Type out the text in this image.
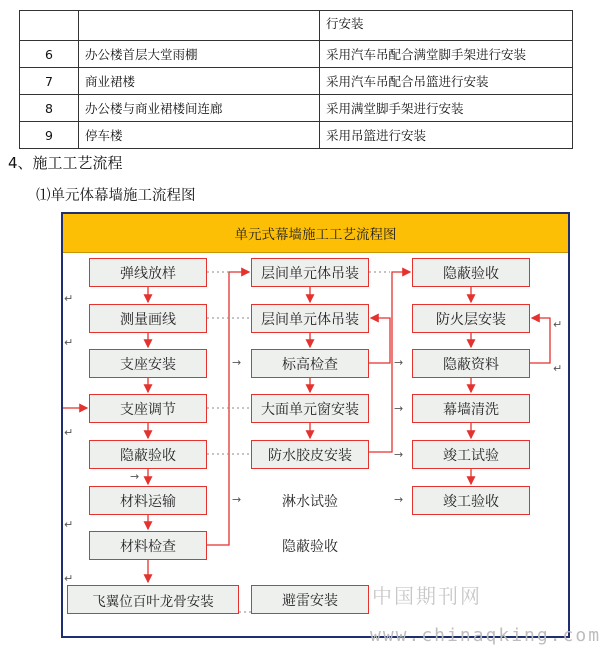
		行安装
6	办公楼首层大堂雨棚	采用汽车吊配合满堂脚手架进行安装
7	商业裙楼	采用汽车吊配合吊篮进行安装
8	办公楼与商业裙楼间连廊	采用满堂脚手架进行安装
9	停车楼	采用吊篮进行安装
4、施工工艺流程
⑴单元体幕墙施工流程图
单元式幕墙施工工艺流程图
弹线放样
测量画线
支座安装
支座调节
隐蔽验收
材料运输
材料检查
飞翼位百叶龙骨安装
层间单元体吊装
层间单元体吊装
标高检查
大面单元窗安装
防水胶皮安装
淋水试验
隐蔽验收
避雷安装
隐蔽验收
防火层安装
隐蔽资料
幕墙清洗
竣工试验
竣工验收
↵
↵
↵
↵
↵
↵
↵
→
→
→
→
→
→
→
中国期刊网
www.chinaqking.com
